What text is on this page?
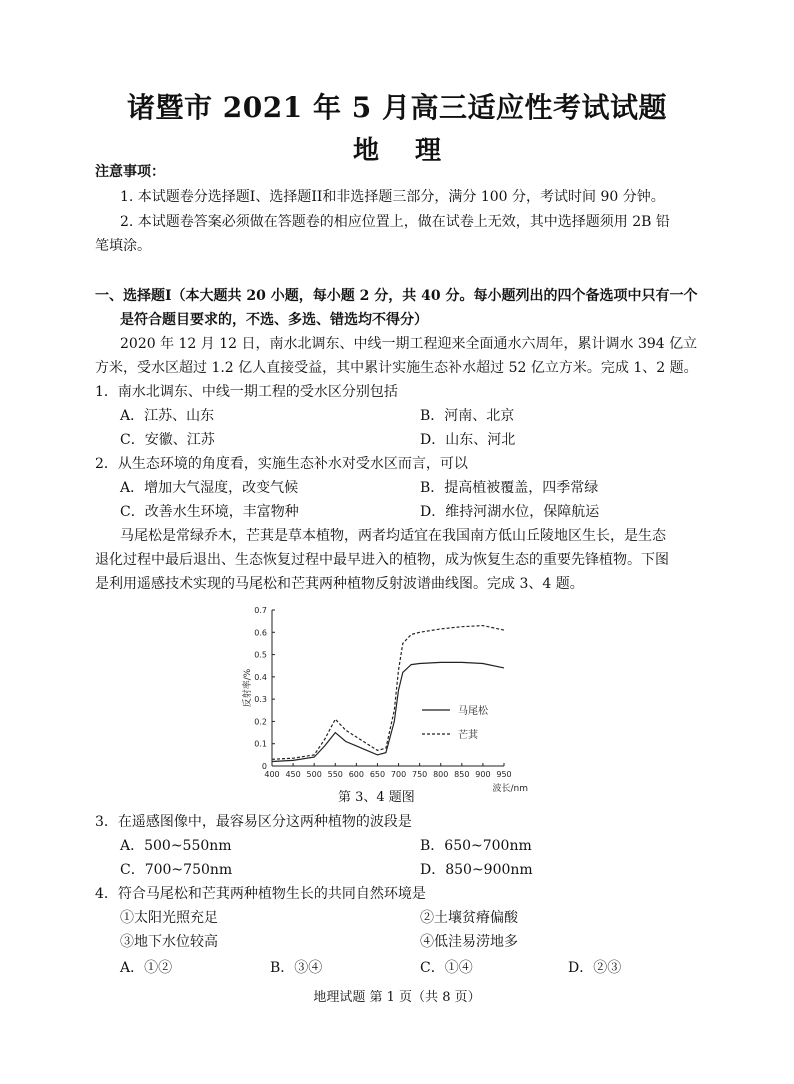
诸暨市 2021 年 5 月高三适应性考试试题
地理
注意事项：
1. 本试题卷分选择题I、选择题II和非选择题三部分，满分 100 分，考试时间 90 分钟。
2. 本试题卷答案必须做在答题卷的相应位置上，做在试卷上无效，其中选择题须用 2B 铅
笔填涂。
一、选择题I（本大题共 20 小题，每小题 2 分，共 40 分。每小题列出的四个备选项中只有一个
是符合题目要求的，不选、多选、错选均不得分）
2020 年 12 月 12 日，南水北调东、中线一期工程迎来全面通水六周年，累计调水 394 亿立
方米，受水区超过 1.2 亿人直接受益，其中累计实施生态补水超过 52 亿立方米。完成 1、2 题。
1．南水北调东、中线一期工程的受水区分别包括
A．江苏、山东	B．河南、北京
C．安徽、江苏	D．山东、河北
2．从生态环境的角度看，实施生态补水对受水区而言，可以
A．增加大气湿度，改变气候	B．提高植被覆盖，四季常绿
C．改善水生环境，丰富物种	D．维持河湖水位，保障航运
马尾松是常绿乔木，芒萁是草本植物，两者均适宜在我国南方低山丘陵地区生长，是生态
退化过程中最后退出、生态恢复过程中最早进入的植物，成为恢复生态的重要先锋植物。下图
是利用遥感技术实现的马尾松和芒萁两种植物反射波谱曲线图。完成 3、4 题。
0
0.1
0.2
0.3
0.4
0.5
0.6
0.7
400 450 500 550 600 650 700 750 800 850 900 950
反射率/%
波长/nm
马尾松
芒萁
第 3、4 题图
3．在遥感图像中，最容易区分这两种植物的波段是
A．500~550nm	B．650~700nm
C．700~750nm	D．850~900nm
4．符合马尾松和芒萁两种植物生长的共同自然环境是
①太阳光照充足	②土壤贫瘠偏酸
③地下水位较高	④低洼易涝地多
A．①②	B．③④	C．①④	D．②③
地理试题 第 1 页（共 8 页）
